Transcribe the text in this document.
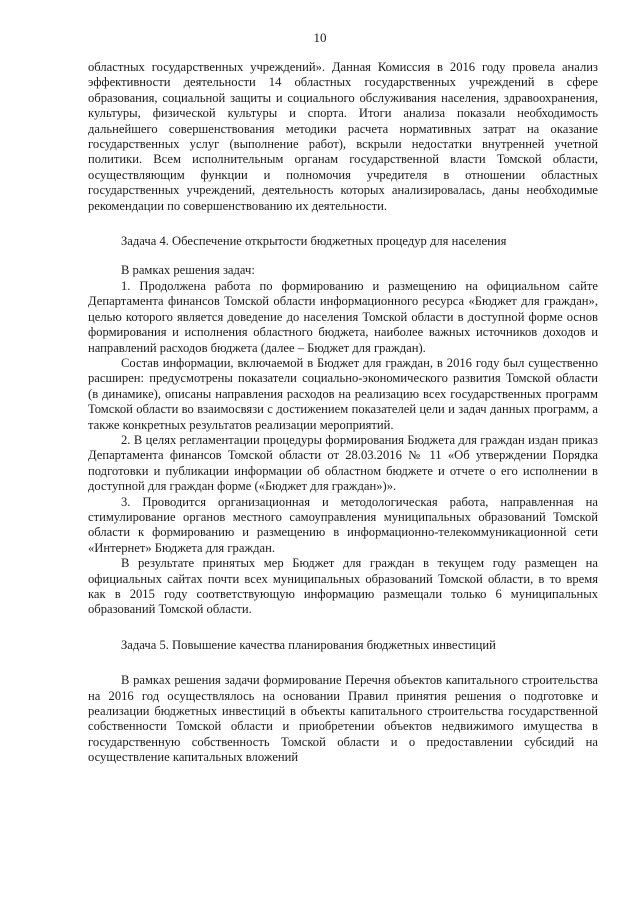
10

областных государственных учреждений». Данная Комиссия в 2016 году провела анализ эффективности деятельности 14 областных государственных учреждений в сфере образования, социальной защиты и социального обслуживания населения, здравоохранения, культуры, физической культуры и спорта. Итоги анализа показали необходимость дальнейшего совершенствования методики расчета нормативных затрат на оказание государственных услуг (выполнение работ), вскрыли недостатки внутренней учетной политики. Всем исполнительным органам государственной власти Томской области, осуществляющим функции и полномочия учредителя в отношении областных государственных учреждений, деятельность которых анализировалась, даны необходимые рекомендации по совершенствованию их деятельности.

Задача 4. Обеспечение открытости бюджетных процедур для населения

В рамках решения задач:

1. Продолжена работа по формированию и размещению на официальном сайте Департамента финансов Томской области информационного ресурса «Бюджет для граждан», целью которого является доведение до населения Томской области в доступной форме основ формирования и исполнения областного бюджета, наиболее важных источников доходов и направлений расходов бюджета (далее – Бюджет для граждан).

Состав информации, включаемой в Бюджет для граждан, в 2016 году был существенно расширен: предусмотрены показатели социально-экономического развития Томской области (в динамике), описаны направления расходов на реализацию всех государственных программ Томской области во взаимосвязи с достижением показателей цели и задач данных программ, а также конкретных результатов реализации мероприятий.

2. В целях регламентации процедуры формирования Бюджета для граждан издан приказ Департамента финансов Томской области от 28.03.2016 № 11 «Об утверждении Порядка подготовки и публикации информации об областном бюджете и отчете о его исполнении в доступной для граждан форме («Бюджет для граждан»)».

3. Проводится организационная и методологическая работа, направленная на стимулирование органов местного самоуправления муниципальных образований Томской области к формированию и размещению в информационно-телекоммуникационной сети «Интернет» Бюджета для граждан.

В результате принятых мер Бюджет для граждан в текущем году размещен на официальных сайтах почти всех муниципальных образований Томской области, в то время как в 2015 году соответствующую информацию размещали только 6 муниципальных образований Томской области.

Задача 5. Повышение качества планирования бюджетных инвестиций

В рамках решения задачи формирование Перечня объектов капитального строительства на 2016 год осуществлялось на основании Правил принятия решения о подготовке и реализации бюджетных инвестиций в объекты капитального строительства государственной собственности Томской области и приобретении объектов недвижимого имущества в государственную собственность Томской области и о предоставлении субсидий на осуществление капитальных вложений
